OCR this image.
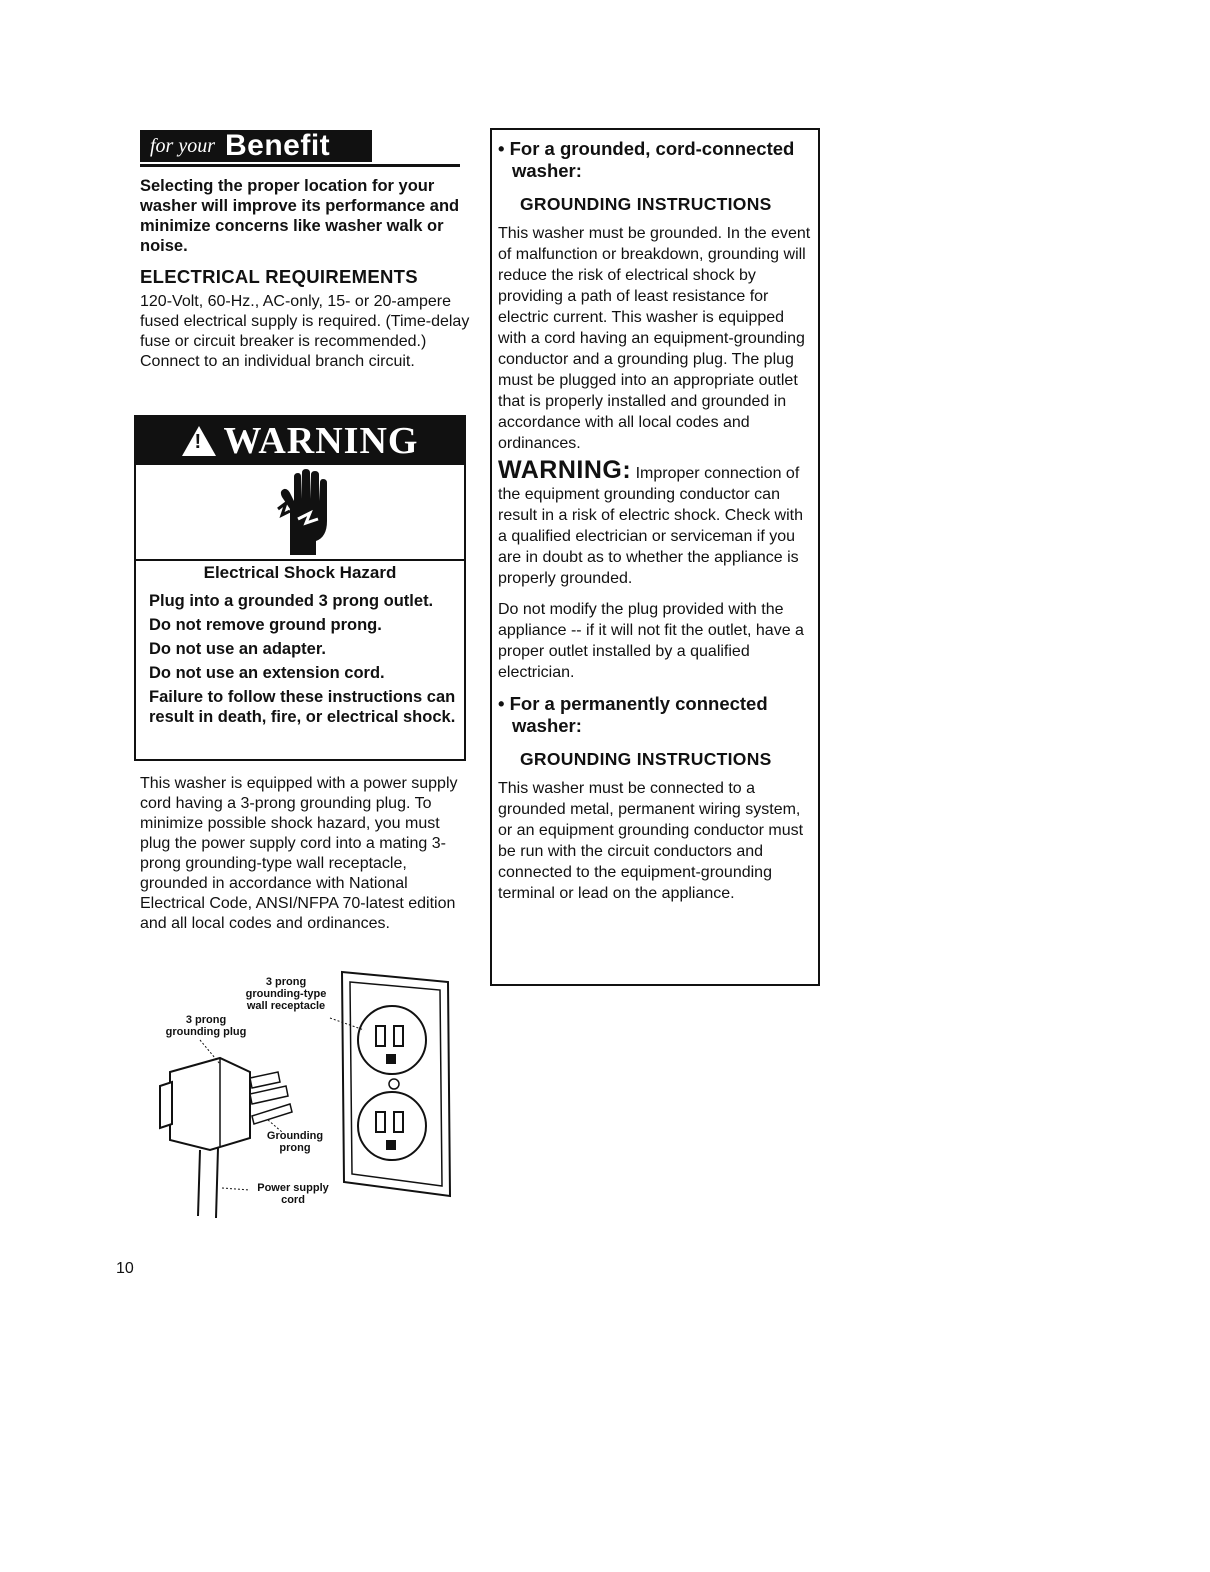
for your Benefit
Selecting the proper location for your washer will improve its performance and minimize concerns like washer walk or noise.
ELECTRICAL REQUIREMENTS
120-Volt, 60-Hz., AC-only, 15- or 20-ampere fused electrical supply is required. (Time-delay fuse or circuit breaker is recommended.) Connect to an individual branch circuit.
! WARNING
Electrical Shock Hazard
Plug into a grounded 3 prong outlet.
Do not remove ground prong.
Do not use an adapter.
Do not use an extension cord.
Failure to follow these instructions can result in death, fire, or electrical shock.
This washer is equipped with a power supply cord having a 3-prong grounding plug. To minimize possible shock hazard, you must plug the power supply cord into a mating 3-prong grounding-type wall receptacle, grounded in accordance with National Electrical Code, ANSI/NFPA 70-latest edition and all local codes and ordinances.
3 prong grounding-type wall receptacle
3 prong grounding plug
Grounding prong
Power supply cord
10
• For a grounded, cord-connected washer:
GROUNDING INSTRUCTIONS
This washer must be grounded. In the event of malfunction or breakdown, grounding will reduce the risk of electrical shock by providing a path of least resistance for electric current. This washer is equipped with a cord having an equipment-grounding conductor and a grounding plug. The plug must be plugged into an appropriate outlet that is properly installed and grounded in accordance with all local codes and ordinances.
WARNING: Improper connection of the equipment grounding conductor can result in a risk of electric shock. Check with a qualified electrician or serviceman if you are in doubt as to whether the appliance is properly grounded.
Do not modify the plug provided with the appliance -- if it will not fit the outlet, have a proper outlet installed by a qualified electrician.
• For a permanently connected washer:
GROUNDING INSTRUCTIONS
This washer must be connected to a grounded metal, permanent wiring system, or an equipment grounding conductor must be run with the circuit conductors and connected to the equipment-grounding terminal or lead on the appliance.
